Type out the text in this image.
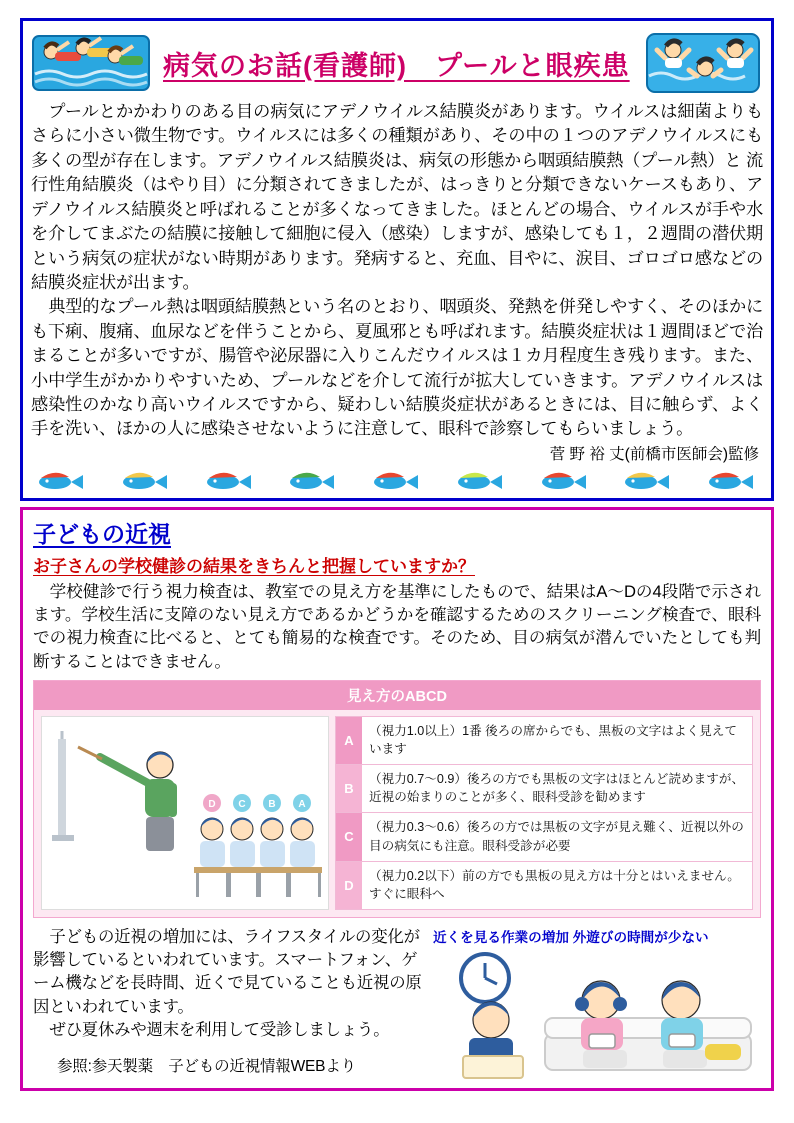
病気のお話(看護師)　プールと眼疾患

プールとかかわりのある目の病気にアデノウイルス結膜炎があります。ウイルスは細菌よりもさらに小さい微生物です。ウイルスには多くの種類があり、その中の１つのアデノウイルスにも多くの型が存在します。アデノウイルス結膜炎は、病気の形態から咽頭結膜熱（プール熱）と 流行性角結膜炎（はやり目）に分類されてきましたが、はっきりと分類できないケースもあり、アデノウイルス結膜炎と呼ばれることが多くなってきました。ほとんどの場合、ウイルスが手や水を介してまぶたの結膜に接触して細胞に侵入（感染）しますが、感染しても１，２週間の潜伏期という病気の症状がない時期があります。発病すると、充血、目やに、涙目、ゴロゴロ感などの結膜炎症状が出ます。

典型的なプール熱は咽頭結膜熱という名のとおり、咽頭炎、発熱を併発しやすく、そのほかにも下痢、腹痛、血尿などを伴うことから、夏風邪とも呼ばれます。結膜炎症状は１週間ほどで治まることが多いですが、腸管や泌尿器に入りこんだウイルスは１カ月程度生き残ります。また、小中学生がかかりやすいため、プールなどを介して流行が拡大していきます。アデノウイルスは感染性のかなり高いウイルスですから、疑わしい結膜炎症状があるときには、目に触らず、よく手を洗い、ほかの人に感染させないように注意して、眼科で診察してもらいましょう。

菅 野 裕 丈(前橋市医師会)監修
子どもの近視
お子さんの学校健診の結果をきちんと把握していますか？

学校健診で行う視力検査は、教室での見え方を基準にしたもので、結果はA～Dの4段階で示されます。学校生活に支障のない見え方であるかどうかを確認するためのスクリーニング検査で、眼科での視力検査に比べると、とても簡易的な検査です。そのため、目の病気が潜んでいたとしても判断することはできません。

見え方のABCD
D C B A
A
（視力1.0以上）1番 後ろの席からでも、黒板の文字はよく見えています
B
（視力0.7～0.9）後ろの方でも黒板の文字はほとんど読めますが、近視の始まりのことが多く、眼科受診を勧めます
C
（視力0.3～0.6）後ろの方では黒板の文字が見え難く、近視以外の目の病気にも注意。眼科受診が必要
D
（視力0.2以下）前の方でも黒板の見え方は十分とはいえません。すぐに眼科へ

子どもの近視の増加には、ライフスタイルの変化が影響しているといわれています。スマートフォン、ゲーム機などを長時間、近くで見ていることも近視の原因といわれています。

ぜひ夏休みや週末を利用して受診しましょう。

参照:参天製薬　子どもの近視情報WEBより
近くを見る作業の増加 外遊びの時間が少ない
